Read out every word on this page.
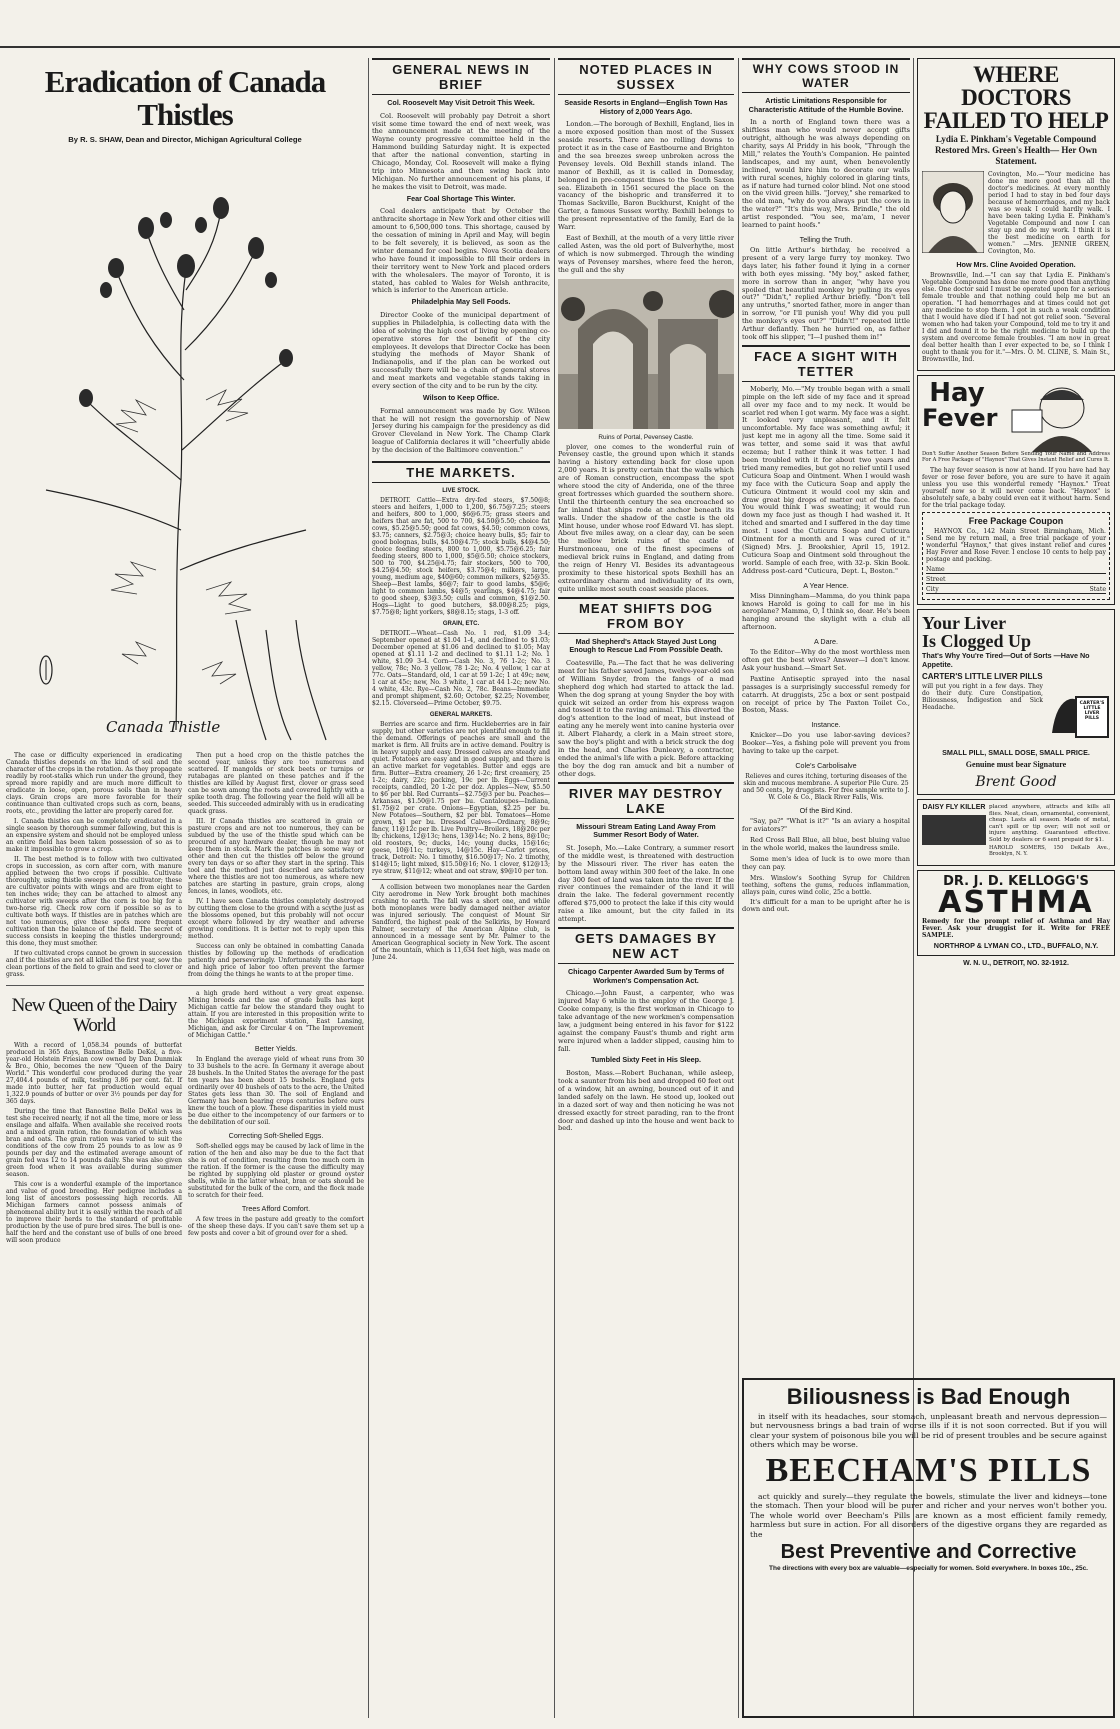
Eradication of Canada Thistles
By R. S. SHAW, Dean and Director, Michigan Agricultural College
Canada Thistle

The case or difficulty experienced in eradicating Canada thistles depends on the kind of soil and the character of the crops in the rotation. As they propagate readily by root-stalks which run under the ground, they spread more rapidly and are much more difficult to eradicate in loose, open, porous soils than in heavy clays. Grain crops are more favorable for their continuance than cultivated crops such as corn, beans, roots, etc., providing the latter are properly cared for.

I. Canada thistles can be completely eradicated in a single season by thorough summer fallowing, but this is an expensive system and should not be employed unless an entire field has been taken possession of so as to make it impossible to grow a crop.

II. The best method is to follow with two cultivated crops in succession, as corn after corn, with manure applied between the two crops if possible. Cultivate thoroughly, using thistle sweeps on the cultivator; these are cultivator points with wings and are from eight to ten inches wide; they can be attached to almost any cultivator with sweeps after the corn is too big for a two-horse rig. Check row corn if possible so as to cultivate both ways. If thistles are in patches which are not too numerous, give these spots more frequent cultivation than the balance of the field. The secret of success consists in keeping the thistles underground; this done, they must smother.

If two cultivated crops cannot be grown in succession and if the thistles are not all killed the first year, sow the clean portions of the field to grain and seed to clover or grass.

Then put a hoed crop on the thistle patches the second year, unless they are too numerous and scattered. If mangolds or stock beets or turnips or rutabagas are planted on these patches and if the thistles are killed by August first, clover or grass seed can be sown among the roots and covered lightly with a spike tooth drag. The following year the field will all be seeded. This succeeded admirably with us in eradicating quack grass.

III. If Canada thistles are scattered in grain or pasture crops and are not too numerous, they can be subdued by the use of the thistle spud which can be procured of any hardware dealer, though he may not keep them in stock. Mark the patches in some way or other and then cut the thistles off below the ground every ten days or so after they start in the spring. This tool and the method just described are satisfactory where the thistles are not too numerous, as where new patches are starting in pasture, grain crops, along fences, in lanes, woodlots, etc.

IV. I have seen Canada thistles completely destroyed by cutting them close to the ground with a scythe just as the blossoms opened, but this probably will not occur except where followed by dry weather and adverse growing conditions. It is better not to reply upon this method.

Success can only be obtained in combatting Canada thistles by following up the methods of eradication patiently and perseveringly. Unfortunately the shortage and high price of labor too often prevent the farmer from doing the things he wants to at the proper time.

New Queen of the Dairy World

With a record of 1,058.34 pounds of butterfat produced in 365 days, Banostine Belle DeKol, a five-year-old Holstein Friesian cow owned by Dan Dunmiak & Bro., Ohio, becomes the new "Queen of the Dairy World." This wonderful cow produced during the year 27,404.4 pounds of milk, testing 3.86 per cent. fat. If made into butter, her fat production would equal 1,322.9 pounds of butter or over 3½ pounds per day for 365 days.

During the time that Banostine Belle DeKol was in test she received nearly, if not all the time, more or less ensilage and alfalfa. When available she received roots and a mixed grain ration, the foundation of which was bran and oats. The grain ration was varied to suit the conditions of the cow from 25 pounds to as low as 9 pounds per day and the estimated average amount of grain fed was 12 to 14 pounds daily. She was also given green food when it was available during summer season.

This cow is a wonderful example of the importance and value of good breeding. Her pedigree includes a long list of ancestors possessing high records. All Michigan farmers cannot possess animals of phenomenal ability but it is easily within the reach of all to improve their herds to the standard of profitable production by the use of pure bred sires. The bull is one-half the herd and the constant use of bulls of one breed will soon produce

a high grade herd without a very great expense. Mixing breeds and the use of grade bulls has kept Michigan cattle far below the standard they ought to attain. If you are interested in this proposition write to the Michigan experiment station, East Lansing, Michigan, and ask for Circular 4 on "The Improvement of Michigan Cattle."

Better Yields.

In England the average yield of wheat runs from 30 to 33 bushels to the acre. In Germany it average about 28 bushels. In the United States the average for the past ten years has been about 15 bushels. England gets ordinarily over 40 bushels of oats to the acre, the United States gets less than 30. The soil of England and Germany has been bearing crops centuries before ours knew the touch of a plow. These disparities in yield must be due either to the incompetency of our farmers or to the debilitation of our soil.

Correcting Soft-Shelled Eggs.

Soft-shelled eggs may be caused by lack of lime in the ration of the hen and also may be due to the fact that she is out of condition, resulting from too much corn in the ration. If the former is the cause the difficulty may be righted by supplying old plaster or ground oyster shells, while in the latter wheat, bran or oats should be substituted for the bulk of the corn, and the flock made to scratch for their feed.

Trees Afford Comfort.

A few trees in the pasture add greatly to the comfort of the sheep these days. If you can't save them set up a few posts and cover a bit of ground over for a shed.

GENERAL NEWS IN BRIEF
Col. Roosevelt May Visit Detroit This Week.

Col. Roosevelt will probably pay Detroit a short visit some time toward the end of next week, was the announcement made at the meeting of the Wayne county progressive committee held in the Hammond building Saturday night. It is expected that after the national convention, starting in Chicago, Monday, Col. Roosevelt will make a flying trip into Minnesota and then swing back into Michigan. No further announcement of his plans, if he makes the visit to Detroit, was made.

Fear Coal Shortage This Winter.

Coal dealers anticipate that by October the anthracite shortage in New York and other cities will amount to 6,500,000 tons. This shortage, caused by the cessation of mining in April and May, will begin to be felt severely, it is believed, as soon as the winter demand for coal begins. Nova Scotia dealers who have found it impossible to fill their orders in their territory went to New York and placed orders with the wholesalers. The mayor of Toronto, it is stated, has cabled to Wales for Welsh anthracite, which is inferior to the American article.

Philadelphia May Sell Foods.

Director Cooke of the municipal department of supplies in Philadelphia, is collecting data with the idea of solving the high cost of living by opening co-operative stores for the benefit of the city employees. It develops that Director Cocke has been studying the methods of Mayor Shank of Indianapolis, and if the plan can be worked out successfully there will be a chain of general stores and meat markets and vegetable stands taking in every section of the city and to be run by the city.

Wilson to Keep Office.

Formal announcement was made by Gov. Wilson that he will not resign the governorship of New Jersey during his campaign for the presidency as did Grover Cleveland in New York. The Champ Clark league of California declares it will "cheerfully abide by the decision of the Baltimore convention."

THE MARKETS.
LIVE STOCK.

DETROIT. Cattle—Extra dry-fed steers, $7.50@8; steers and heifers, 1,000 to 1,200, $6.75@7.25; steers and heifers, 800 to 1,000, $6@6.75; grass steers and heifers that are fat, 500 to 700, $4.50@5.50; choice fat cows, $5.25@5.50; good fat cows, $4.50; common cows, $3.75; canners, $2.75@3; choice heavy bulls, $5; fair to good bolognas, bulls, $4.50@4.75; stock bulls, $4@4.50; choice feeding steers, 800 to 1,000, $5.75@6.25; fair feeding steers, 800 to 1,000, $5@5.50; choice stockers, 500 to 700, $4.25@4.75; fair stockers, 500 to 700, $4.25@4.50; stock heifers, $3.75@4; milkers, large, young, medium age, $40@60; common milkers, $25@35. Sheep—Best lambs, $6@7; fair to good lambs, $5@6; light to common lambs, $4@5; yearlings, $4@4.75; fair to good sheep, $3@3.50; culls and common, $1@2.50. Hogs—Light to good butchers, $8.00@8.25; pigs, $7.75@8; light yorkers, $8@8.15; stags, 1-3 off.

GRAIN, ETC.

DETROIT.—Wheat—Cash No. 1 red, $1.09 3-4; September opened at $1.04 1-4, and declined to $1.03; December opened at $1.06 and declined to $1.05; May opened at $1.11 1-2 and declined to $1.11 1-2; No. 1 white, $1.09 3-4. Corn—Cash No. 3, 76 1-2c; No. 3 yellow, 78c; No. 3 yellow, 78 1-2c; No. 4 yellow, 1 car at 77c. Oats—Standard, old, 1 car at 59 1-2c; 1 at 49c; new, 1 car at 45c; new, No. 3 white, 1 car at 44 1-2c; new No. 4 white, 43c. Rye—Cash No. 2, 78c. Beans—Immediate and prompt shipment, $2.60; October, $2.25; November, $2.15. Cloverseed—Prime October, $9.75.

GENERAL MARKETS.

Berries are scarce and firm. Huckleberries are in fair supply, but other varieties are not plentiful enough to fill the demand. Offerings of peaches are small and the market is firm. All fruits are in active demand. Poultry is in heavy supply and easy. Dressed calves are steady and quiet. Potatoes are easy and in good supply, and there is an active market for vegetables. Butter and eggs are firm. Butter—Extra creamery, 26 1-2c; first creamery, 25 1-2c; dairy, 22c; packing, 19c per lb. Eggs—Current receipts, candled, 20 1-2c per doz. Apples—New, $5.50 to $6 per bbl. Red Currants—$2.75@3 per bu. Peaches—Arkansas, $1.50@1.75 per bu. Cantaloupes—Indiana, $1.75@2 per crate. Onions—Egyptian, $2.25 per bu. New Potatoes—Southern, $2 per bbl. Tomatoes—Home grown, $1 per bu. Dressed Calves—Ordinary, 8@9c; fancy, 11@12c per lb. Live Poultry—Broilers, 18@20c per lb; chickens, 12@13c; hens, 13@14c; No. 2 hens, 8@10c; old roosters, 9c; ducks, 14c; young ducks, 15@16c; geese, 10@11c; turkeys, 14@15c. Hay—Carlot prices, track, Detroit: No. 1 timothy, $16.50@17; No. 2 timothy, $14@15; light mixed, $15.50@16; No. 1 clover, $12@13; rye straw, $11@12; wheat and oat straw, $9@10 per ton.

A collision between two monoplanes near the Garden City aerodrome in New York brought both machines crashing to earth. The fall was a short one, and while both monoplanes were badly damaged neither aviator was injured seriously. The conquest of Mount Sir Sandford, the highest peak of the Selkirks, by Howard Palmer, secretary of the American Alpine club, is announced in a message sent by Mr. Palmer to the American Geographical society in New York. The ascent of the mountain, which is 11,634 feet high, was made on June 24.

NOTED PLACES IN SUSSEX
Seaside Resorts in England—English Town Has History of 2,000 Years Ago.

London.—The borough of Bexhill, England, lies in a more exposed position than most of the Sussex seaside resorts. There are no rolling downs to protect it as in the case of Eastbourne and Brighton and the sea breezes sweep unbroken across the Pevensey levels. Old Bexhill stands inland. The manor of Bexhill, as it is called in Domesday, belonged in pre-conquest times to the South Saxon sea. Elizabeth in 1561 secured the place on the vacancy of the bishopric and transferred it to Thomas Sackville, Baron Buckhurst, Knight of the Garter, a famous Sussex worthy. Bexhill belongs to the present representative of the family, Earl de la Warr.

East of Bexhill, at the mouth of a very little river called Asten, was the old port of Bulverhythe, most of which is now submerged. Through the winding ways of Pevensey marshes, where feed the heron, the gull and the shy

Ruins of Portal, Pevensey Castle.

plover, one comes to the wonderful ruin of Pevensey castle, the ground upon which it stands having a history extending back for close upon 2,000 years. It is pretty certain that the walls which are of Roman construction, encompass the spot where stood the city of Anderida, one of the three great fortresses which guarded the southern shore. Until the thirteenth century the sea encroached so far inland that ships rode at anchor beneath its walls. Under the shadow of the castle is the old Mint house, under whose roof Edward VI. has slept. About five miles away, on a clear day, can be seen the mellow brick ruins of the castle of Hurstmonceau, one of the finest specimens of medieval brick ruins in England, and dating from the reign of Henry VI. Besides its advantageous proximity to these historical spots Bexhill has an extraordinary charm and individuality of its own, quite unlike most south coast seaside places.

MEAT SHIFTS DOG FROM BOY
Mad Shepherd's Attack Stayed Just Long Enough to Rescue Lad From Possible Death.

Coatesville, Pa.—The fact that he was delivering meat for his father saved James, twelve-year-old son of William Snyder, from the fangs of a mad shepherd dog which had started to attack the lad. When the dog sprang at young Snyder the boy with quick wit seized an order from his express wagon and tossed it to the raving animal. This diverted the dog's attention to the load of meat, but instead of eating any he merely went into canine hysteria over it. Albert Flahardy, a clerk in a Main street store, saw the boy's plight and with a brick struck the dog in the head, and Charles Dunleavy, a contractor, ended the animal's life with a pick. Before attacking the boy the dog ran amuck and bit a number of other dogs.

RIVER MAY DESTROY LAKE
Missouri Stream Eating Land Away From Summer Resort Body of Water.

St. Joseph, Mo.—Lake Contrary, a summer resort of the middle west, is threatened with destruction by the Missouri river. The river has eaten the bottom land away within 300 feet of the lake. In one day 300 feet of land was taken into the river. If the river continues the remainder of the land it will drain the lake. The federal government recently offered $75,000 to protect the lake if this city would raise a like amount, but the city failed in its attempt.

GETS DAMAGES BY NEW ACT
Chicago Carpenter Awarded Sum by Terms of Workmen's Compensation Act.

Chicago.—John Faust, a carpenter, who was injured May 6 while in the employ of the George J. Cooke company, is the first workman in Chicago to take advantage of the new workmen's compensation law, a judgment being entered in his favor for $122 against the company Faust's thumb and right arm were injured when a ladder slipped, causing him to fall.

Tumbled Sixty Feet in His Sleep.

Boston, Mass.—Robert Buchanan, while asleep, took a saunter from his bed and dropped 60 feet out of a window, hit an awning, bounced out of it and landed safely on the lawn. He stood up, looked out in a dazed sort of way and then noticing he was not dressed exactly for street parading, ran to the front door and dashed up into the house and went back to bed.

WHY COWS STOOD IN WATER
Artistic Limitations Responsible for Characteristic Attitude of the Humble Bovine.

In a north of England town there was a shiftless man who would never accept gifts outright, although he was always depending on charity, says Al Priddy in his book, "Through the Mill," relates the Youth's Companion. He painted landscapes, and my aunt, when benevolently inclined, would hire him to decorate our walls with rural scenes, highly colored in glaring tints, as if nature had turned color blind. Not one stood on the vivid green hills. "Jorvey," she remarked to the old man, "why do you always put the cows in the water?" "It's this way, Mrs. Brindle," the old artist responded. "You see, ma'am, I never learned to paint hoofs."

Telling the Truth.

On little Arthur's birthday, he received a present of a very large furry toy monkey. Two days later, his father found it lying in a corner with both eyes missing. "My boy," asked father, more in sorrow than in anger, "why have you spoiled that beautiful monkey by pulling its eyes out?" "Didn't," replied Arthur briefly. "Don't tell any untruths," snorted father, more in anger than in sorrow, "or I'll punish you! Why did you pull the monkey's eyes out?" "Didn't!" repeated little Arthur defiantly. Then he hurried on, as father took off his slipper, "I—I pushed them in!"

FACE A SIGHT WITH TETTER

Moberly, Mo.—"My trouble began with a small pimple on the left side of my face and it spread all over my face and to my neck. It would be scarlet red when I got warm. My face was a sight. It looked very unpleasant, and it felt uncomfortable. My face was something awful; it just kept me in agony all the time. Some said it was tetter, and some said it was that awful eczema; but I rather think it was tetter. I had been troubled with it for about two years and tried many remedies, but got no relief until I used Cuticura Soap and Ointment. When I would wash my face with the Cuticura Soap and apply the Cuticura Ointment it would cool my skin and draw great big drops of matter out of the face. You would think I was sweating; it would run down my face just as though I had washed it. It itched and smarted and I suffered in the day time most. I used the Cuticura Soap and Cuticura Ointment for a month and I was cured of it." (Signed) Mrs. J. Brookshier, April 15, 1912. Cuticura Soap and Ointment sold throughout the world. Sample of each free, with 32-p. Skin Book. Address post-card "Cuticura, Dept. L, Boston."

A Year Hence.

Miss Dinningham—Mamma, do you think papa knows Harold is going to call for me in his aeroplane? Mamma, O, I think so, dear. He's been hanging around the skylight with a club all afternoon.

A Dare.

To the Editor—Why do the most worthless men often get the best wives? Answer—I don't know. Ask your husband.—Smart Set.

Paxtine Antiseptic sprayed into the nasal passages is a surprisingly successful remedy for catarrh. At druggists, 25c a box or sent postpaid on receipt of price by The Paxton Toilet Co., Boston, Mass.

Instance.

Knicker—Do you use labor-saving devices? Booker—Yes, a fishing pole will prevent you from having to take up the carpet.

Cole's Carbolisalve

Relieves and cures itching, torturing diseases of the skin and mucous membrane. A superior Pile Cure. 25 and 50 cents, by druggists. For free sample write to J. W. Cole & Co., Black River Falls, Wis.

Of the Bird Kind.

"Say, pa?" "What is it?" "Is an aviary a hospital for aviators?"

Red Cross Ball Blue, all blue, best bluing value in the whole world, makes the laundress smile.

Some men's idea of luck is to owe more than they can pay.

Mrs. Winslow's Soothing Syrup for Children teething, softens the gums, reduces inflammation, allays pain, cures wind colic, 25c a bottle.

It's difficult for a man to be upright after he is down and out.

WHERE DOCTORS
FAILED TO HELP
Lydia E. Pinkham's Vegetable Compound Restored Mrs. Green's Health— Her Own Statement.

Covington, Mo.—"Your medicine has done me more good than all the doctor's medicines. At every monthly period I had to stay in bed four days because of hemorrhages, and my back was so weak I could hardly walk. I have been taking Lydia E. Pinkham's Vegetable Compound and now I can stay up and do my work. I think it is the best medicine on earth for women." —Mrs. JENNIE GREEN, Covington, Mo.

How Mrs. Cline Avoided Operation.

Brownsville, Ind.—"I can say that Lydia E. Pinkham's Vegetable Compound has done me more good than anything else. One doctor said I must be operated upon for a serious female trouble and that nothing could help me but an operation. "I had hemorrhages and at times could not get any medicine to stop them. I got in such a weak condition that I would have died if I had not got relief soon. "Several women who had taken your Compound, told me to try it and I did and found it to be the right medicine to build up the system and overcome female troubles. "I am now in great deal better health than I ever expected to be, so I think I ought to thank you for it."—Mrs. O. M. CLINE, S. Main St., Brownsville, Ind.

Hay
Fever

Don't Suffer Another Season Before Sending Your Name and Address For A Free Package of "Haynox" That Gives Instant Relief and Cures It.

The hay fever season is now at hand. If you have had hay fever or rose fever before, you are sure to have it again unless you use this wonderful remedy "Haynox." Treat yourself now so it will never come back. "Haynox" is absolutely safe, a baby could even eat it without harm. Send for the trial package today.

Free Package Coupon

HAYNOX Co., 142 Main Street Birmingham, Mich. Send me by return mail, a free trial package of your wonderful "Haynox," that gives instant relief and cures Hay Fever and Rose Fever. I enclose 10 cents to help pay postage and packing.

Name
Street
City	State
Your Liver
Is Clogged Up
That's Why You're Tired—Out of Sorts —Have No Appetite.
CARTER'S LITTLE LIVER PILLS

will put you right in a few days. They do their duty. Cure Constipation, Biliousness, Indigestion and Sick Headache.

CARTER'S LITTLE LIVER PILLS
SMALL PILL, SMALL DOSE, SMALL PRICE.
Genuine must bear Signature
Brent Good
DAISY FLY KILLER placed anywhere, attracts and kills all flies. Neat, clean, ornamental, convenient, cheap. Lasts all season. Made of metal, can't spill or tip over; will not soil or injure anything. Guaranteed effective. Sold by dealers or 6 sent prepaid for $1.

HAROLD SOMERS, 150 DeKalb Ave., Brooklyn, N. Y.

DR. J. D. KELLOGG'S
ASTHMA

Remedy for the prompt relief of Asthma and Hay Fever. Ask your druggist for it. Write for FREE SAMPLE.

NORTHROP & LYMAN CO., LTD., BUFFALO, N.Y.
W. N. U., DETROIT, NO. 32-1912.
Biliousness is Bad Enough

in itself with its headaches, sour stomach, unpleasant breath and nervous depression—but nervousness brings a bad train of worse ills if it is not soon corrected. But if you will clear your system of poisonous bile you will be rid of present troubles and be secure against others which may be worse.

BEECHAM'S PILLS

act quickly and surely—they regulate the bowels, stimulate the liver and kidneys—tone the stomach. Then your blood will be purer and richer and your nerves won't bother you. The whole world over Beecham's Pills are known as a most efficient family remedy, harmless but sure in action. For all disorders of the digestive organs they are regarded as the

Best Preventive and Corrective
The directions with every box are valuable—especially for women. Sold everywhere. In boxes 10c., 25c.
